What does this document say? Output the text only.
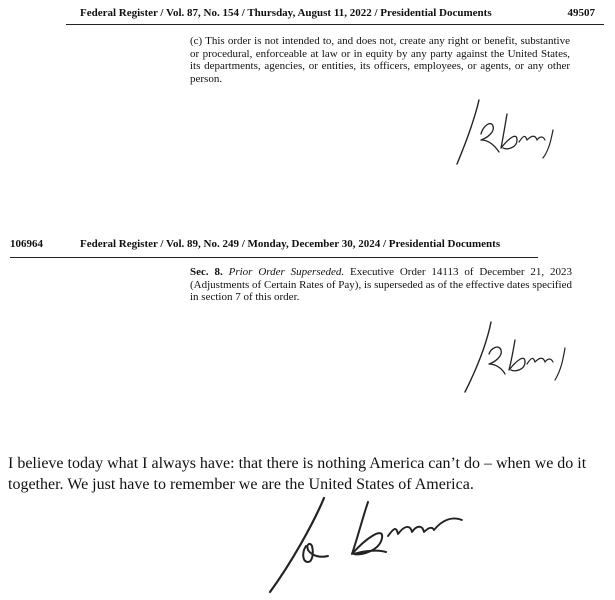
Federal Register / Vol. 87, No. 154 / Thursday, August 11, 2022 / Presidential Documents	49507
(c) This order is not intended to, and does not, create any right or benefit, substantive or procedural, enforceable at law or in equity by any party against the United States, its departments, agencies, or entities, its officers, employees, or agents, or any other person.
106964	Federal Register / Vol. 89, No. 249 / Monday, December 30, 2024 / Presidential Documents
Sec. 8. Prior Order Superseded. Executive Order 14113 of December 21, 2023 (Adjustments of Certain Rates of Pay), is superseded as of the effective dates specified in section 7 of this order.
I believe today what I always have: that there is nothing America can’t do – when we do it together. We just have to remember we are the United States of America.
